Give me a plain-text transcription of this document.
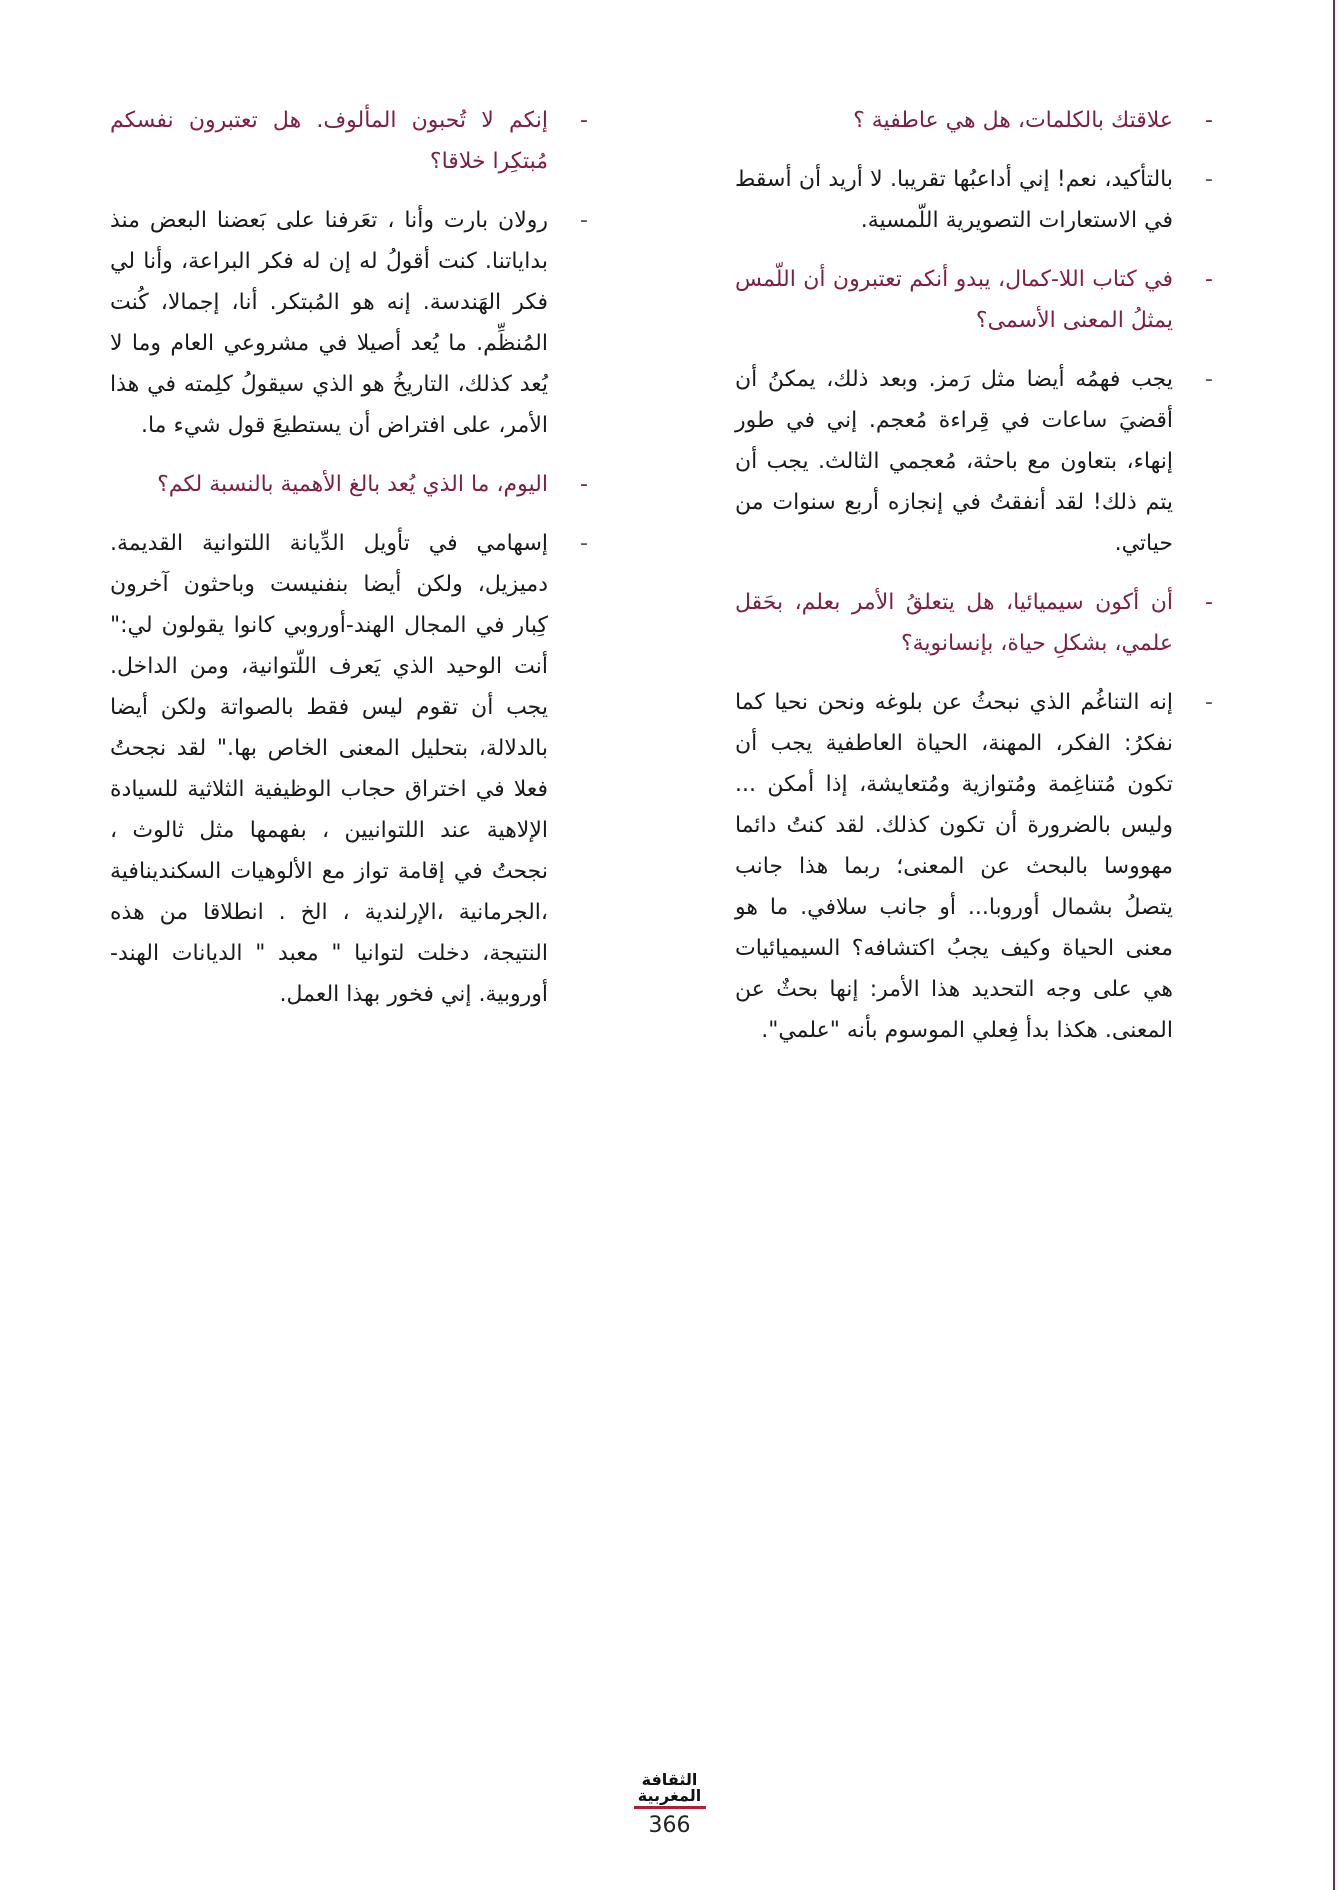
-
علاقتك بالكلمات، هل هي عاطفية ؟
-
بالتأكيد، نعم! إني أداعبُها تقريبا. لا أريد أن أسقط في الاستعارات التصويرية اللّمسية.
-
في كتاب اللا-كمال، يبدو أنكم تعتبرون أن اللّمس يمثلُ المعنى الأسمى؟
-
يجب فهمُه أيضا مثل رَمز. وبعد ذلك، يمكنُ أن أقضيَ ساعات في قِراءة مُعجم. إني في طور إنهاء، بتعاون مع باحثة، مُعجمي الثالث. يجب أن يتم ذلك! لقد أنفقتُ في إنجازه أربع سنوات من حياتي.
-
أن أكون سيميائيا، هل يتعلقُ الأمر بعلم، بحَقل علمي، بشكلِ حياة، بإنسانوية؟
-
إنه التناغُم الذي نبحثُ عن بلوغه ونحن نحيا كما نفكرُ: الفكر، المهنة، الحياة العاطفية يجب أن تكون مُتناغِمة ومُتوازية ومُتعايشة، إذا أمكن ... وليس بالضرورة أن تكون كذلك. لقد كنتُ دائما مهووسا بالبحث عن المعنى؛ ربما هذا جانب يتصلُ بشمال أوروبا... أو جانب سلافي. ما هو معنى الحياة وكيف يجبُ اكتشافه؟ السيميائيات هي على وجه التحديد هذا الأمر: إنها بحثٌ عن المعنى. هكذا بدأ فِعلي الموسوم بأنه "علمي".
-
إنكم لا تُحبون المألوف. هل تعتبرون نفسكم مُبتكِرا خلاقا؟
-
رولان بارت وأنا ، تعَرفنا على بَعضنا البعض منذ بداياتنا. كنت أقولُ له إن له فكر البراعة، وأنا لي فكر الهَندسة. إنه هو المُبتكر. أنا، إجمالا، كُنت المُنظِّم. ما يُعد أصيلا في مشروعي العام وما لا يُعد كذلك، التاريخُ هو الذي سيقولُ كلِمته في هذا الأمر، على افتراض أن يستطيعَ قول شيء ما.
-
اليوم، ما الذي يُعد بالغ الأهمية بالنسبة لكم؟
-
إسهامي في تأويل الدِّيانة اللتوانية القديمة. دميزيل، ولكن أيضا بنفنيست وباحثون آخرون كِبار في المجال الهند-أوروبي كانوا يقولون لي:" أنت الوحيد الذي يَعرف اللّتوانية، ومن الداخل. يجب أن تقوم ليس فقط بالصواتة ولكن أيضا بالدلالة، بتحليل المعنى الخاص بها." لقد نجحتُ فعلا في اختراق حجاب الوظيفية الثلاثية للسيادة الإلاهية عند اللتوانيين ، بفهمها مثل ثالوث ، نجحتُ في إقامة تواز مع الألوهيات السكندينافية ،الجرمانية ،الإرلندية ، الخ . انطلاقا من هذه النتيجة، دخلت لتوانيا " معبد " الديانات الهند-أوروبية. إني فخور بهذا العمل.
الثقافة
المغربية
366
